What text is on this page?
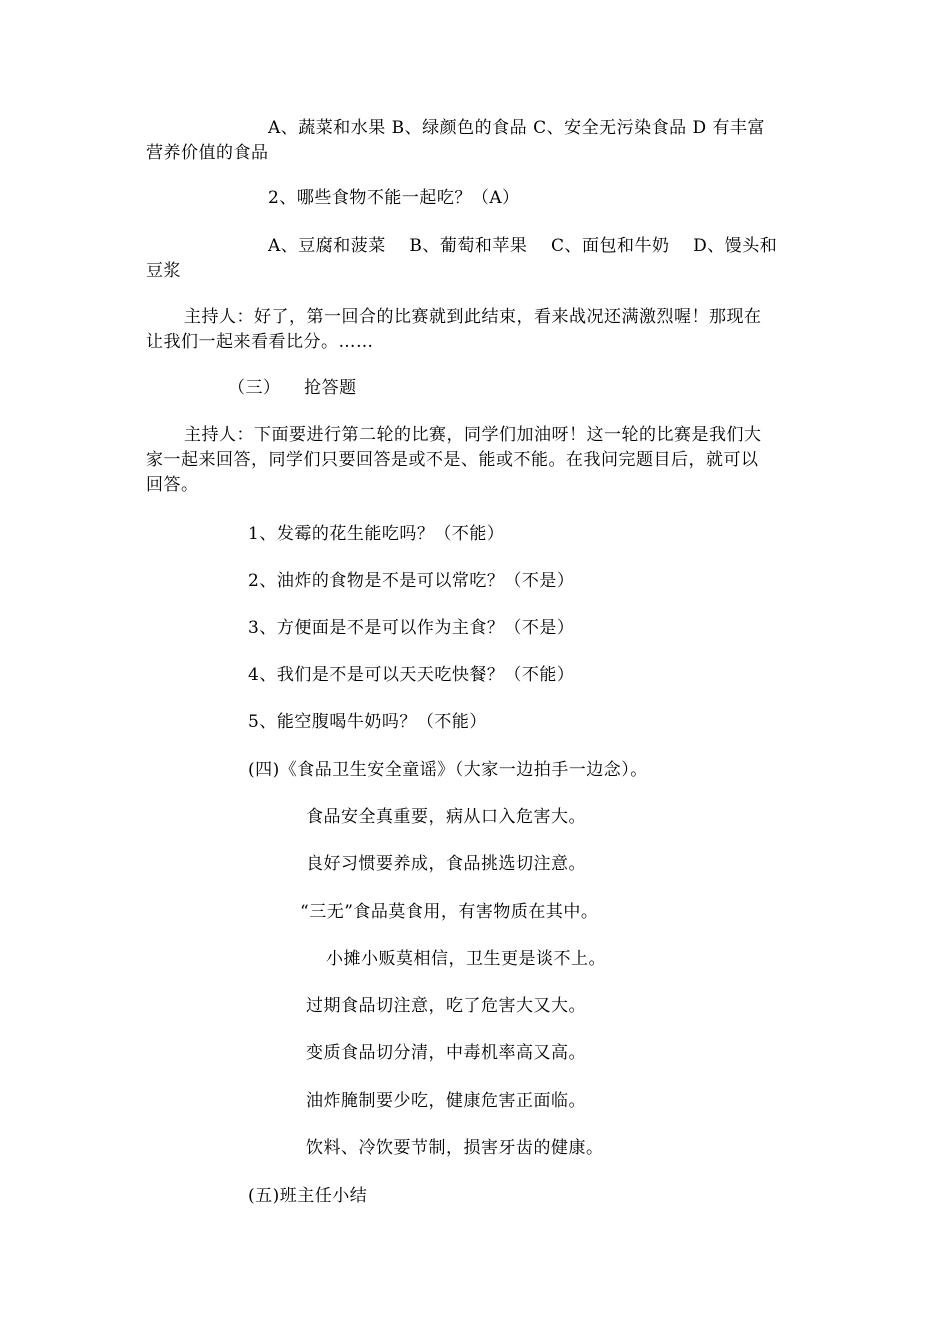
A、蔬菜和水果 B、绿颜色的食品 C、安全无污染食品 D 有丰富
营养价值的食品
2、哪些食物不能一起吃？（A）
A、豆腐和菠菜    B、葡萄和苹果    C、面包和牛奶    D、馒头和
豆浆
主持人：好了，第一回合的比赛就到此结束，看来战况还满激烈喔！那现在
让我们一起来看看比分。……
（三）    抢答题
主持人：下面要进行第二轮的比赛，同学们加油呀！这一轮的比赛是我们大
家一起来回答，同学们只要回答是或不是、能或不能。在我问完题目后，就可以
回答。
1、发霉的花生能吃吗？（不能）
2、油炸的食物是不是可以常吃？（不是）
3、方便面是不是可以作为主食？（不是）
4、我们是不是可以天天吃快餐？（不能）
5、能空腹喝牛奶吗？（不能）
(四)《食品卫生安全童谣》（大家一边拍手一边念）。
食品安全真重要，病从口入危害大。
良好习惯要养成，食品挑选切注意。
“三无”食品莫食用，有害物质在其中。
小摊小贩莫相信，卫生更是谈不上。
过期食品切注意，吃了危害大又大。
变质食品切分清，中毒机率高又高。
油炸腌制要少吃，健康危害正面临。
饮料、冷饮要节制，损害牙齿的健康。
(五)班主任小结
